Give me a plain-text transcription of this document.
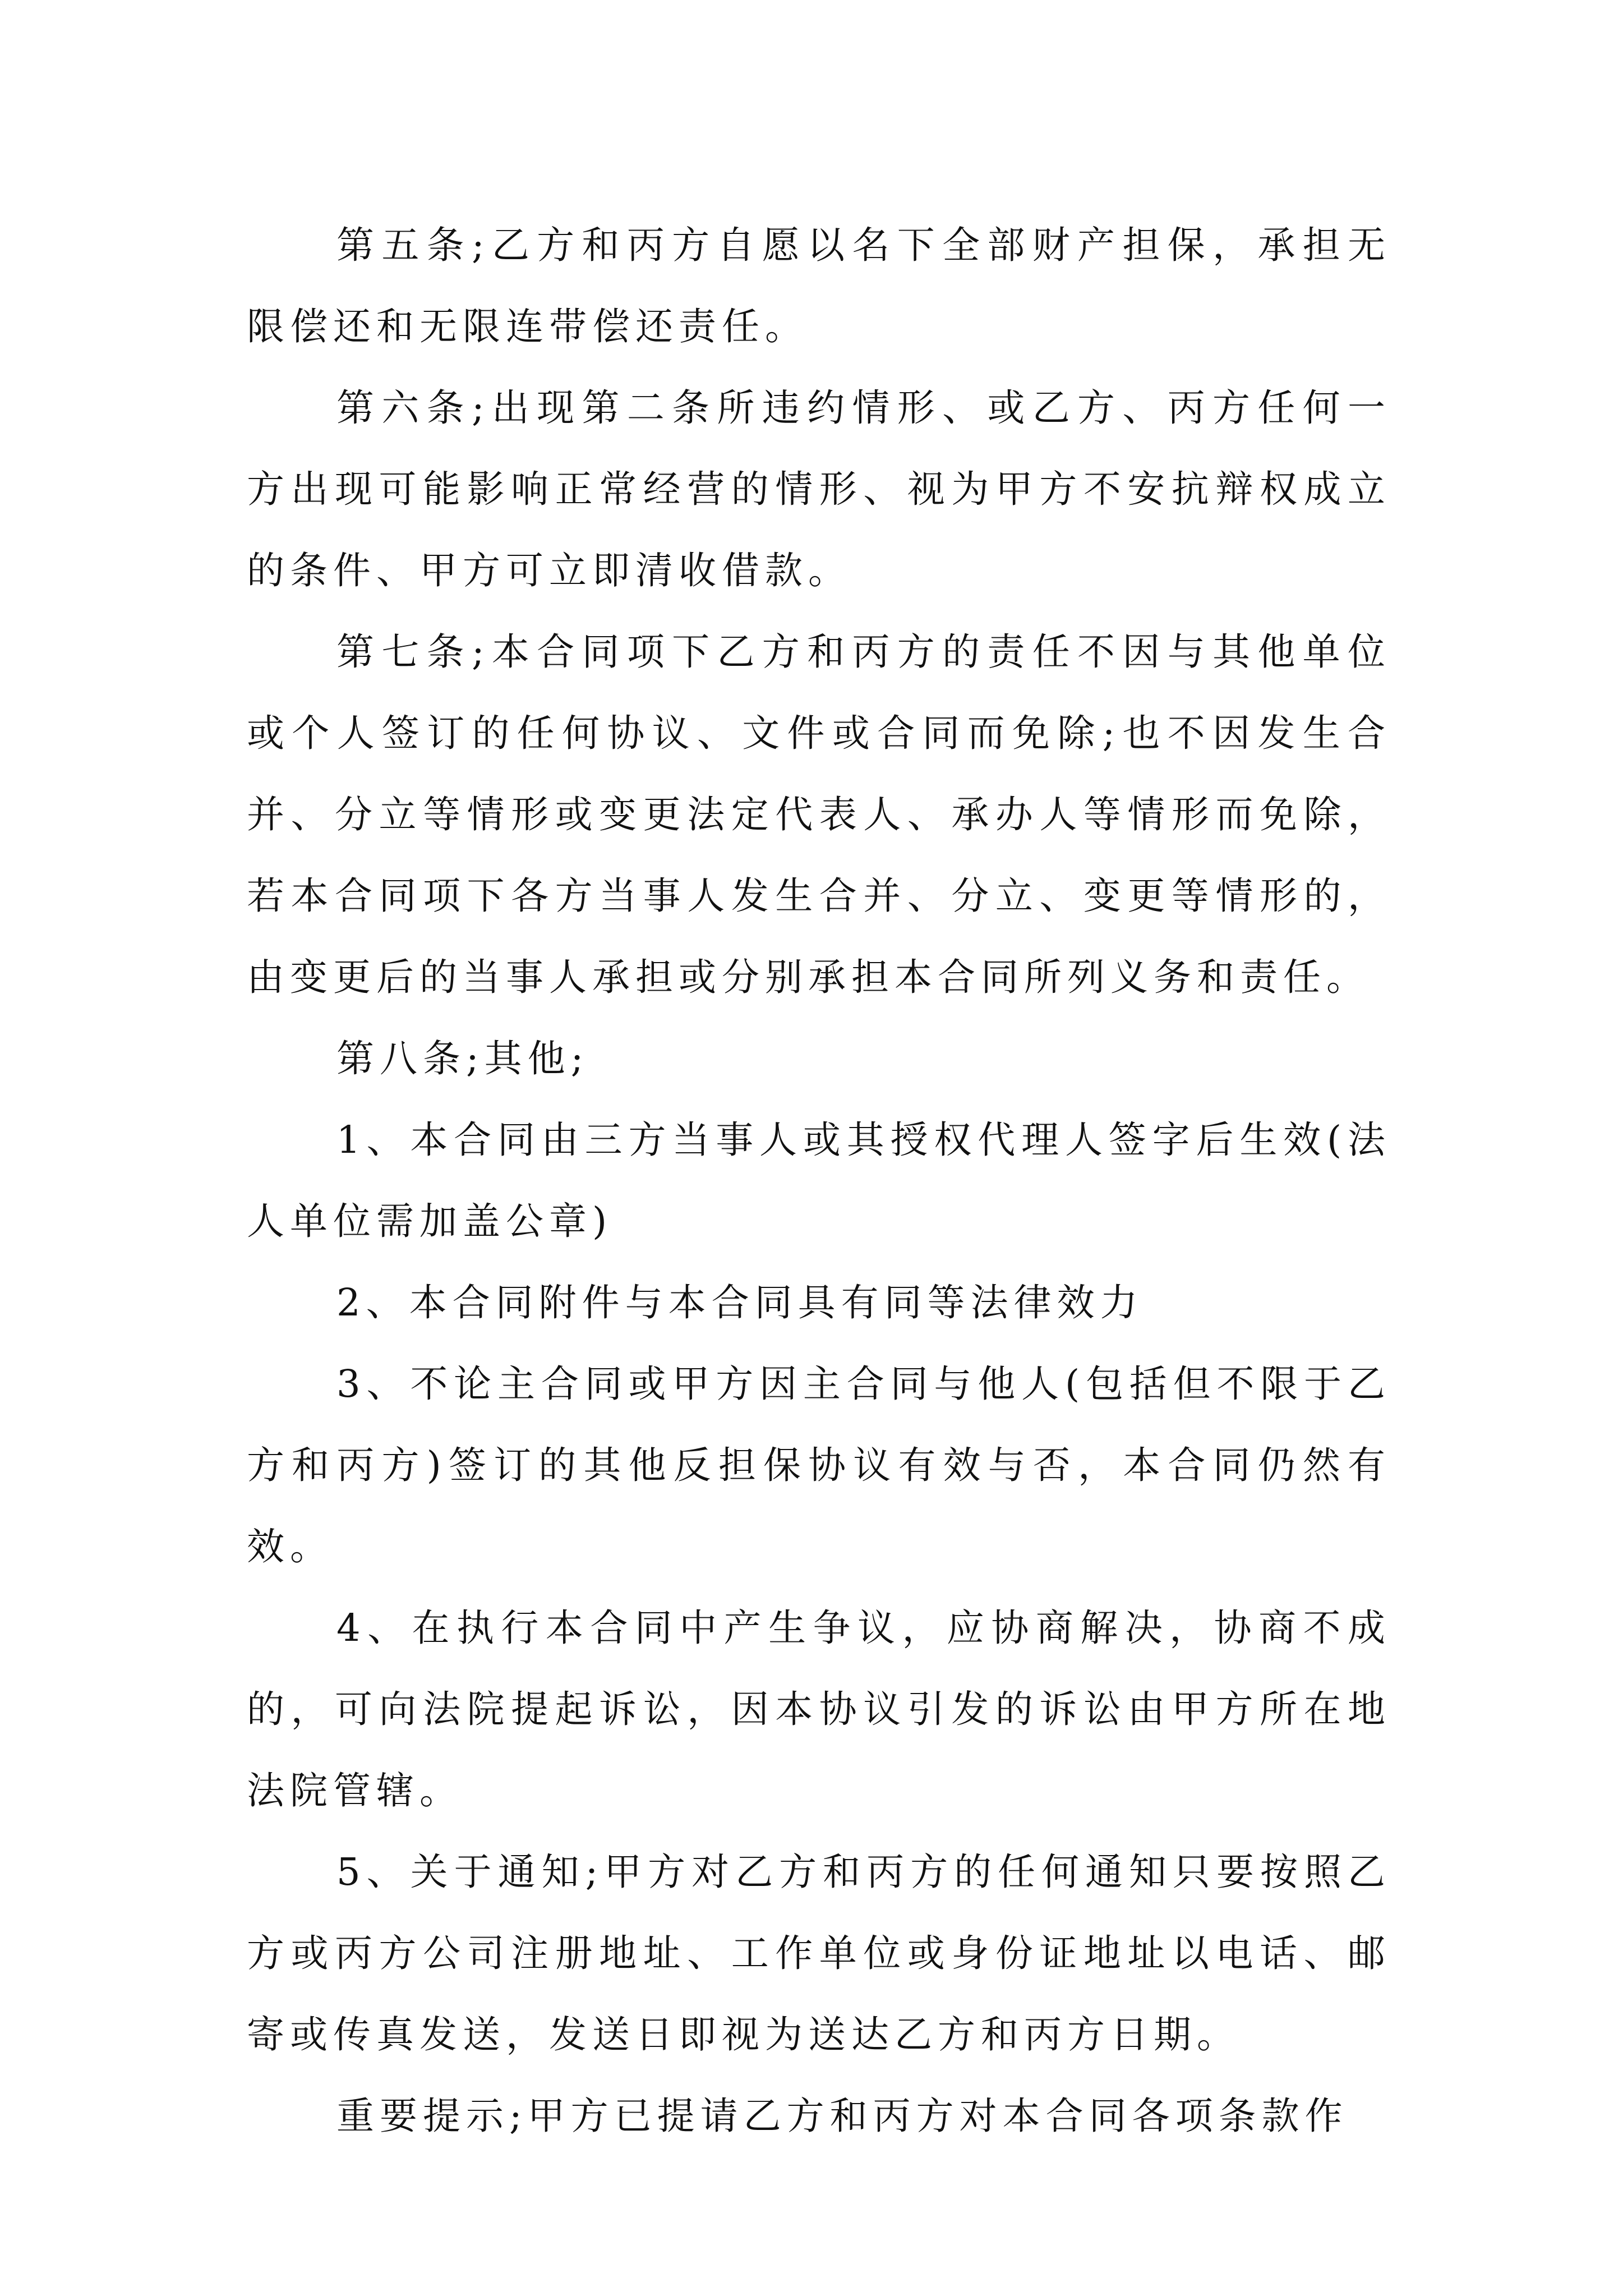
第五条;乙方和丙方自愿以名下全部财产担保，承担无限偿还和无限连带偿还责任。

第六条;出现第二条所违约情形、或乙方、丙方任何一方出现可能影响正常经营的情形、视为甲方不安抗辩权成立的条件、甲方可立即清收借款。

第七条;本合同项下乙方和丙方的责任不因与其他单位或个人签订的任何协议、文件或合同而免除;也不因发生合并、分立等情形或变更法定代表人、承办人等情形而免除，若本合同项下各方当事人发生合并、分立、变更等情形的，由变更后的当事人承担或分别承担本合同所列义务和责任。

第八条;其他;

1、本合同由三方当事人或其授权代理人签字后生效(法人单位需加盖公章)

2、本合同附件与本合同具有同等法律效力

3、不论主合同或甲方因主合同与他人(包括但不限于乙方和丙方)签订的其他反担保协议有效与否，本合同仍然有效。

4、在执行本合同中产生争议，应协商解决，协商不成的，可向法院提起诉讼，因本协议引发的诉讼由甲方所在地法院管辖。

5、关于通知;甲方对乙方和丙方的任何通知只要按照乙方或丙方公司注册地址、工作单位或身份证地址以电话、邮寄或传真发送，发送日即视为送达乙方和丙方日期。

重要提示;甲方已提请乙方和丙方对本合同各项条款作
